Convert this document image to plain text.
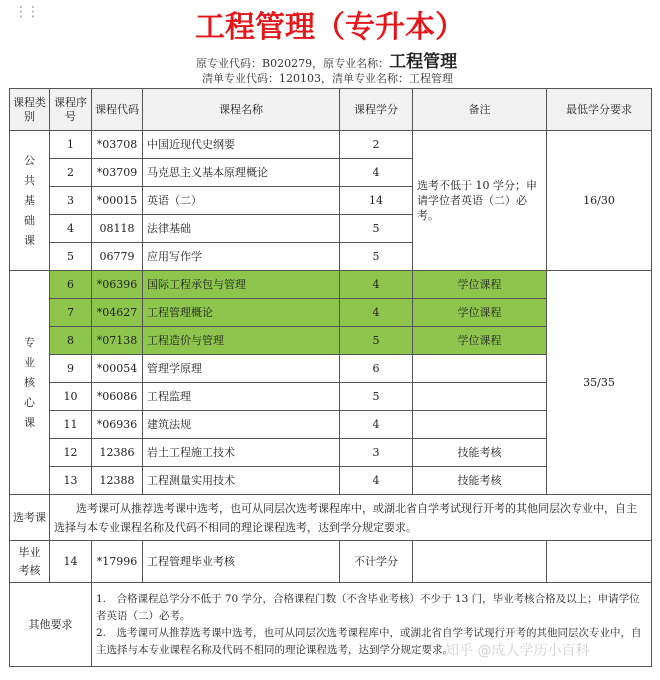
⋮⋮	工程管理（专升本）
原专业代码：B020279，原专业名称：工程管理
清单专业代码：120103，清单专业名称：工程管理
课程类别	课程序号	课程代码	课程名称	课程学分	备注	最低学分要求

公共基础课	1	*03708	中国近现代史纲要	2	选考不低于 10 学分；申请学位者英语（二）必考。	16/30
	2	*03709	马克思主义基本原理概论	4		
	3	*00015	英语（二）	14		
	4	08118	法律基础	5		
	5	06779	应用写作学	5		

专业核心课	6	*06396	国际工程承包与管理	4	学位课程	35/35
	7	*04627	工程管理概论	4	学位课程	
	8	*07138	工程造价与管理	5	学位课程	
	9	*00054	管理学原理	6		
	10	*06086	工程监理	5		
	11	*06936	建筑法规	4		
	12	12386	岩土工程施工技术	3	技能考核	
	13	12388	工程测量实用技术	4	技能考核	
选考课	选考课可从推荐选考课中选考，也可从同层次选考课程库中，或湖北省自学考试现行开考的其他同层次专业中，自主选择与本专业课程名称及代码不相同的理论课程选考，达到学分规定要求。					

毕业考核	14	*17996	工程管理毕业考核	不计学分		
其他要求		1.　合格课程总学分不低于 70 学分，合格课程门数（不含毕业考核）不少于 13 门，毕业考核合格及以上；申请学位者英语（二）必考。
2.　选考课可从推荐选考课中选考，也可从同层次选考课程库中，或湖北省自学考试现行开考的其他同层次专业中，自主选择与本专业课程名称及代码不相同的理论课程选考，达到学分规定要求。				
知乎 @成人学历小百科
